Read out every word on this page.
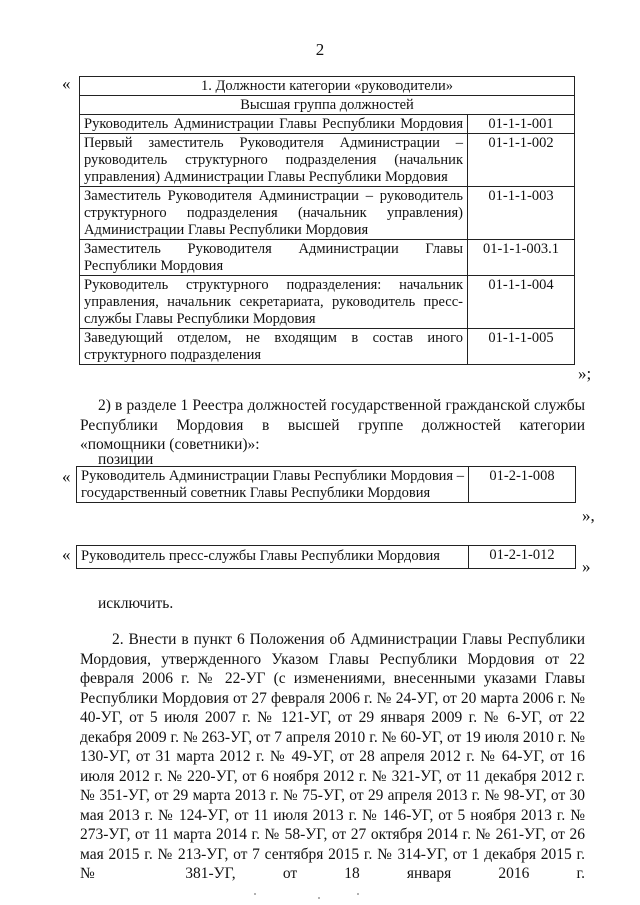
2
«	1. Должности категории «руководители»	
Высшая группа должностей	
Руководитель Администрации Главы Республики Мордовия	01-1-1-001
Первый заместитель Руководителя Администрации – руководитель структурного подразделения (начальник управления) Администрации Главы Республики Мордовия	01-1-1-002
Заместитель Руководителя Администрации – руководитель структурного подразделения (начальник управления) Администрации Главы Республики Мордовия	01-1-1-003
Заместитель Руководителя Администрации Главы Республики Мордовия	01-1-1-003.1
Руководитель структурного подразделения: начальник управления, начальник секретариата, руководитель пресс-службы Главы Республики Мордовия	01-1-1-004
Заведующий отделом, не входящим в состав иного структурного подразделения	01-1-1-005
»;
2) в разделе 1 Реестра должностей государственной гражданской службы Республики Мордовия в высшей группе должностей категории «помощники (советники)»:
позиции
« Руководитель Администрации Главы Республики Мордовия – государственный советник Главы Республики Мордовия	01-2-1-008
»,
« Руководитель пресс-службы Главы Республики Мордовия	01-2-1-012
»
исключить.
2. Внести в пункт 6 Положения об Администрации Главы Республики Мордовия, утвержденного Указом Главы Республики Мордовия от 22 февраля 2006 г. № 22-УГ (с изменениями, внесенными указами Главы Республики Мордовия от 27 февраля 2006 г. № 24-УГ, от 20 марта 2006 г. № 40-УГ, от 5 июля 2007 г. № 121-УГ, от 29 января 2009 г. № 6-УГ, от 22 декабря 2009 г. № 263-УГ, от 7 апреля 2010 г. № 60-УГ, от 19 июля 2010 г. № 130-УГ, от 31 марта 2012 г. № 49-УГ, от 28 апреля 2012 г. № 64-УГ, от 16 июля 2012 г. № 220-УГ, от 6 ноября 2012 г. № 321-УГ, от 11 декабря 2012 г. № 351-УГ, от 29 марта 2013 г. № 75-УГ, от 29 апреля 2013 г. № 98-УГ, от 30 мая 2013 г. № 124-УГ, от 11 июля 2013 г. № 146-УГ, от 5 ноября 2013 г. № 273-УГ, от 11 марта 2014 г. № 58-УГ, от 27 октября 2014 г. № 261-УГ, от 26 мая 2015 г. № 213-УГ, от 7 сентября 2015 г. № 314-УГ, от 1 декабря 2015 г. № 381-УГ, от 18 января 2016 г.
